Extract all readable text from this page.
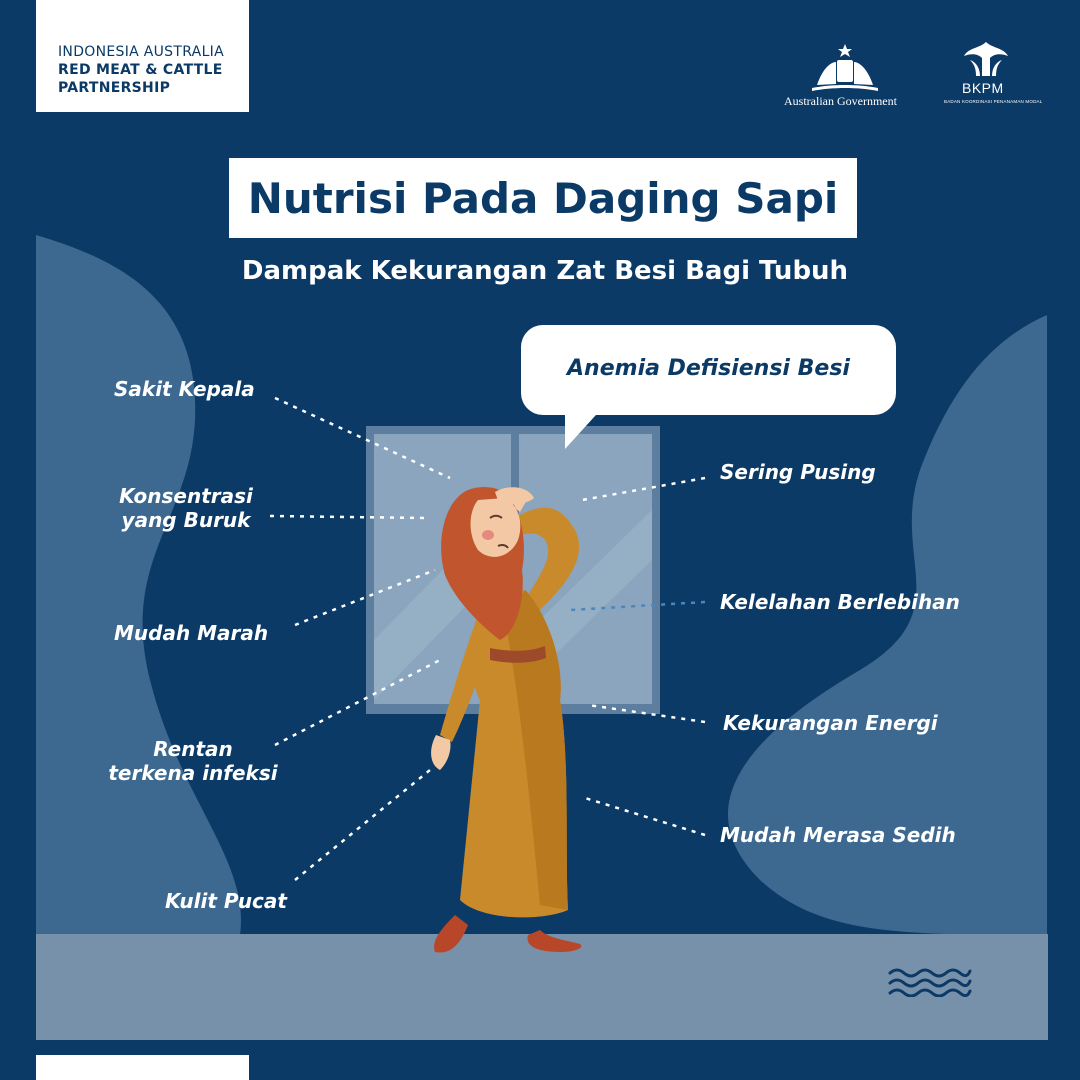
INDONESIA AUSTRALIA
RED MEAT & CATTLE
PARTNERSHIP
Australian Government
BKPM
BADAN KOORDINASI PENANAMAN MODAL
Nutrisi Pada Daging Sapi
Dampak Kekurangan Zat Besi Bagi Tubuh
Anemia Defisiensi Besi
Sakit Kepala
Konsentrasi
yang Buruk
Mudah Marah
Rentan
terkena infeksi
Kulit Pucat
Sering Pusing
Kelelahan Berlebihan
Kekurangan Energi
Mudah Merasa Sedih
